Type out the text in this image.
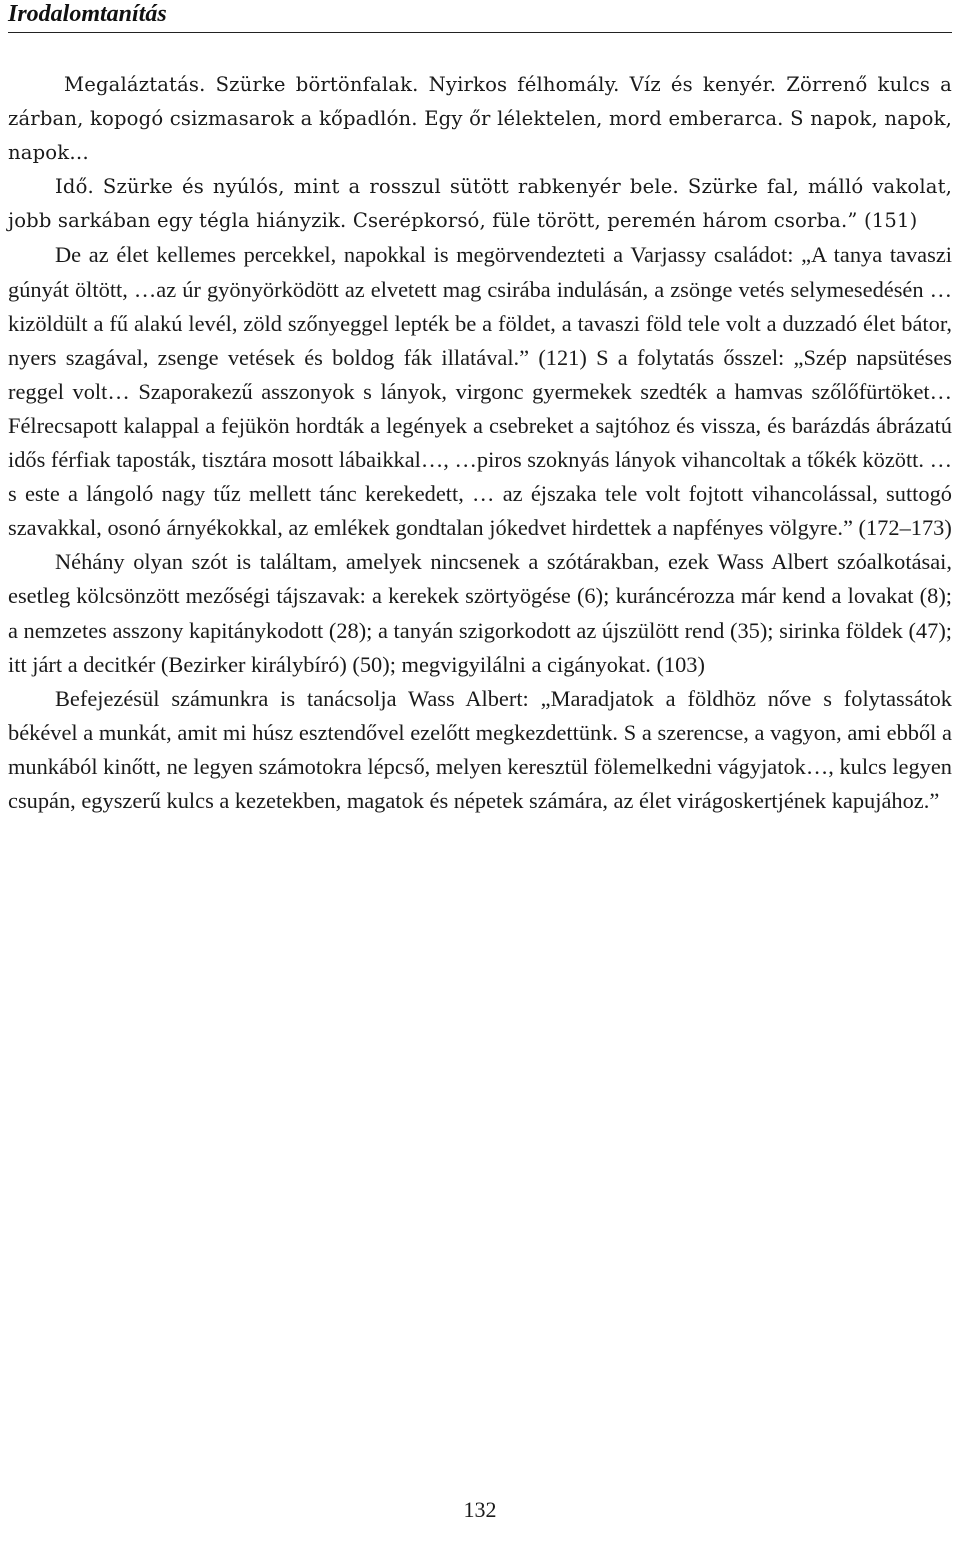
Irodalomtanítás

Megaláztatás. Szürke börtönfalak. Nyirkos félhomály. Víz és kenyér. Zörrenő kulcs a zárban, kopogó csizmasarok a kőpadlón. Egy őr lélektelen, mord emberarca. S napok, napok, napok…

Idő. Szürke és nyúlós, mint a rosszul sütött rabkenyér bele. Szürke fal, málló vakolat, jobb sarkában egy tégla hiányzik. Cserépkorsó, füle törött, peremén három csorba.” (151)

De az élet kellemes percekkel, napokkal is megörvendezteti a Varjassy családot: „A tanya tavaszi gúnyát öltött, …az úr gyönyörködött az elvetett mag csirába indulásán, a zsönge vetés selymesedésén … kizöldült a fű alakú levél, zöld szőnyeggel lepték be a földet, a tavaszi föld tele volt a duzzadó élet bátor, nyers szagával, zsenge vetések és boldog fák illatával.” (121) S a folytatás ősszel: „Szép napsütéses reggel volt… Szaporakezű asszonyok s lányok, virgonc gyermekek szedték a hamvas szőlőfürtöket… Félrecsapott kalappal a fejükön hordták a legények a csebreket a sajtóhoz és vissza, és barázdás ábrázatú idős férfiak taposták, tisztára mosott lábaikkal…, …piros szoknyás lányok vihancoltak a tőkék között. …s este a lángoló nagy tűz mellett tánc kerekedett, … az éjszaka tele volt fojtott vihancolással, suttogó szavakkal, osonó árnyékokkal, az emlékek gondtalan jókedvet hirdettek a napfényes völgyre.” (172–173)

Néhány olyan szót is találtam, amelyek nincsenek a szótárakban, ezek Wass Albert szóalkotásai, esetleg kölcsönzött mezőségi tájszavak: a kerekek szörtyögése (6); kuráncérozza már kend a lovakat (8); a nemzetes asszony kapitánykodott (28); a tanyán szigorkodott az újszülött rend (35); sirinka földek (47); itt járt a decitkér (Bezirker királybíró) (50); megvigyilálni a cigányokat. (103)

Befejezésül számunkra is tanácsolja Wass Albert: „Maradjatok a földhöz nőve s folytassátok békével a munkát, amit mi húsz esztendővel ezelőtt megkezdettünk. S a szerencse, a vagyon, ami ebből a munkából kinőtt, ne legyen számotokra lépcső, melyen keresztül fölemelkedni vágyjatok…, kulcs legyen csupán, egyszerű kulcs a kezetekben, magatok és népetek számára, az élet virágoskertjének kapujához.”

132
